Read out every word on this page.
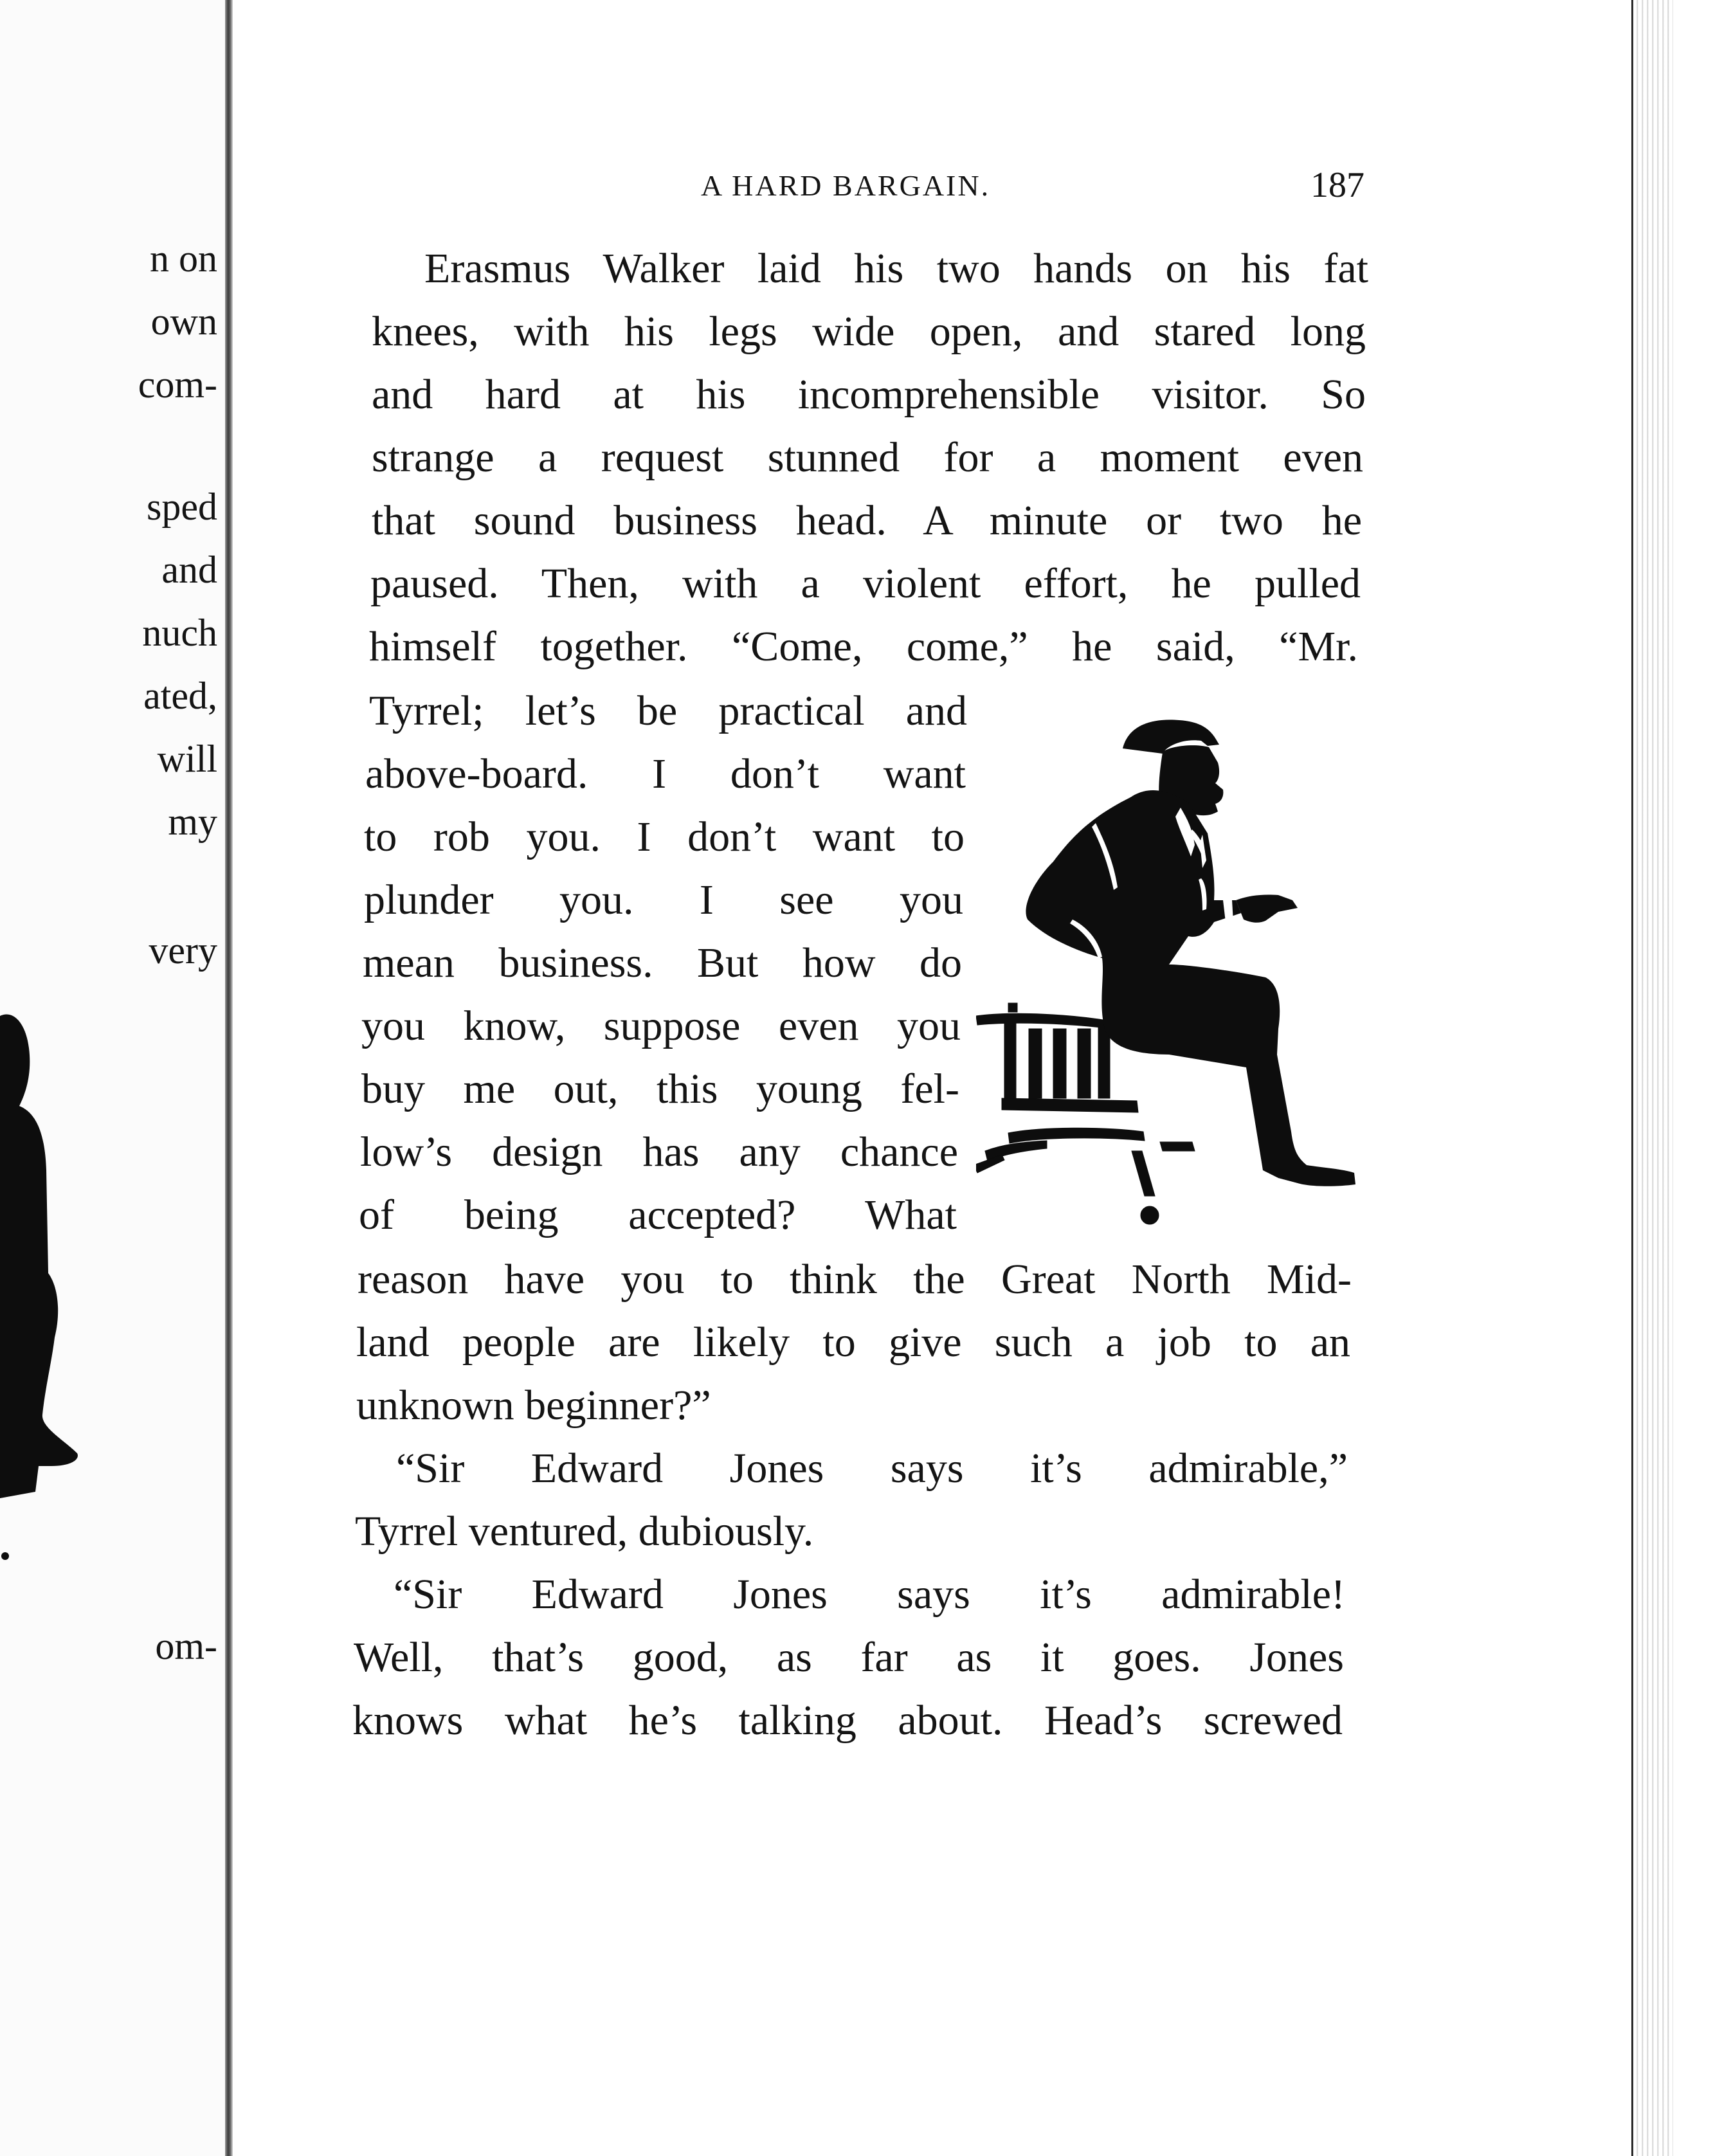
n on
own
com-
sped
and
nuch
ated,
will
my
very
om-
A HARD BARGAIN.	187
Erasmus Walker laid his two hands on his fat
knees, with his legs wide open, and stared long
and hard at his incomprehensible visitor. So
strange a request stunned for a moment even
that sound business head. A minute or two he
paused. Then, with a violent effort, he pulled
himself together. “Come, come,” he said, “Mr.
Tyrrel; let’s be practical and
above-board. I don’t want
to rob you. I don’t want to
plunder you. I see you
mean business. But how do
you know, suppose even you
buy me out, this young fel-
low’s design has any chance
of being accepted? What
reason have you to think the Great North Mid-
land people are likely to give such a job to an
unknown beginner?”
“Sir Edward Jones says it’s admirable,”
Tyrrel ventured, dubiously.
“Sir Edward Jones says it’s admirable!
Well, that’s good, as far as it goes. Jones
knows what he’s talking about. Head’s screwed
